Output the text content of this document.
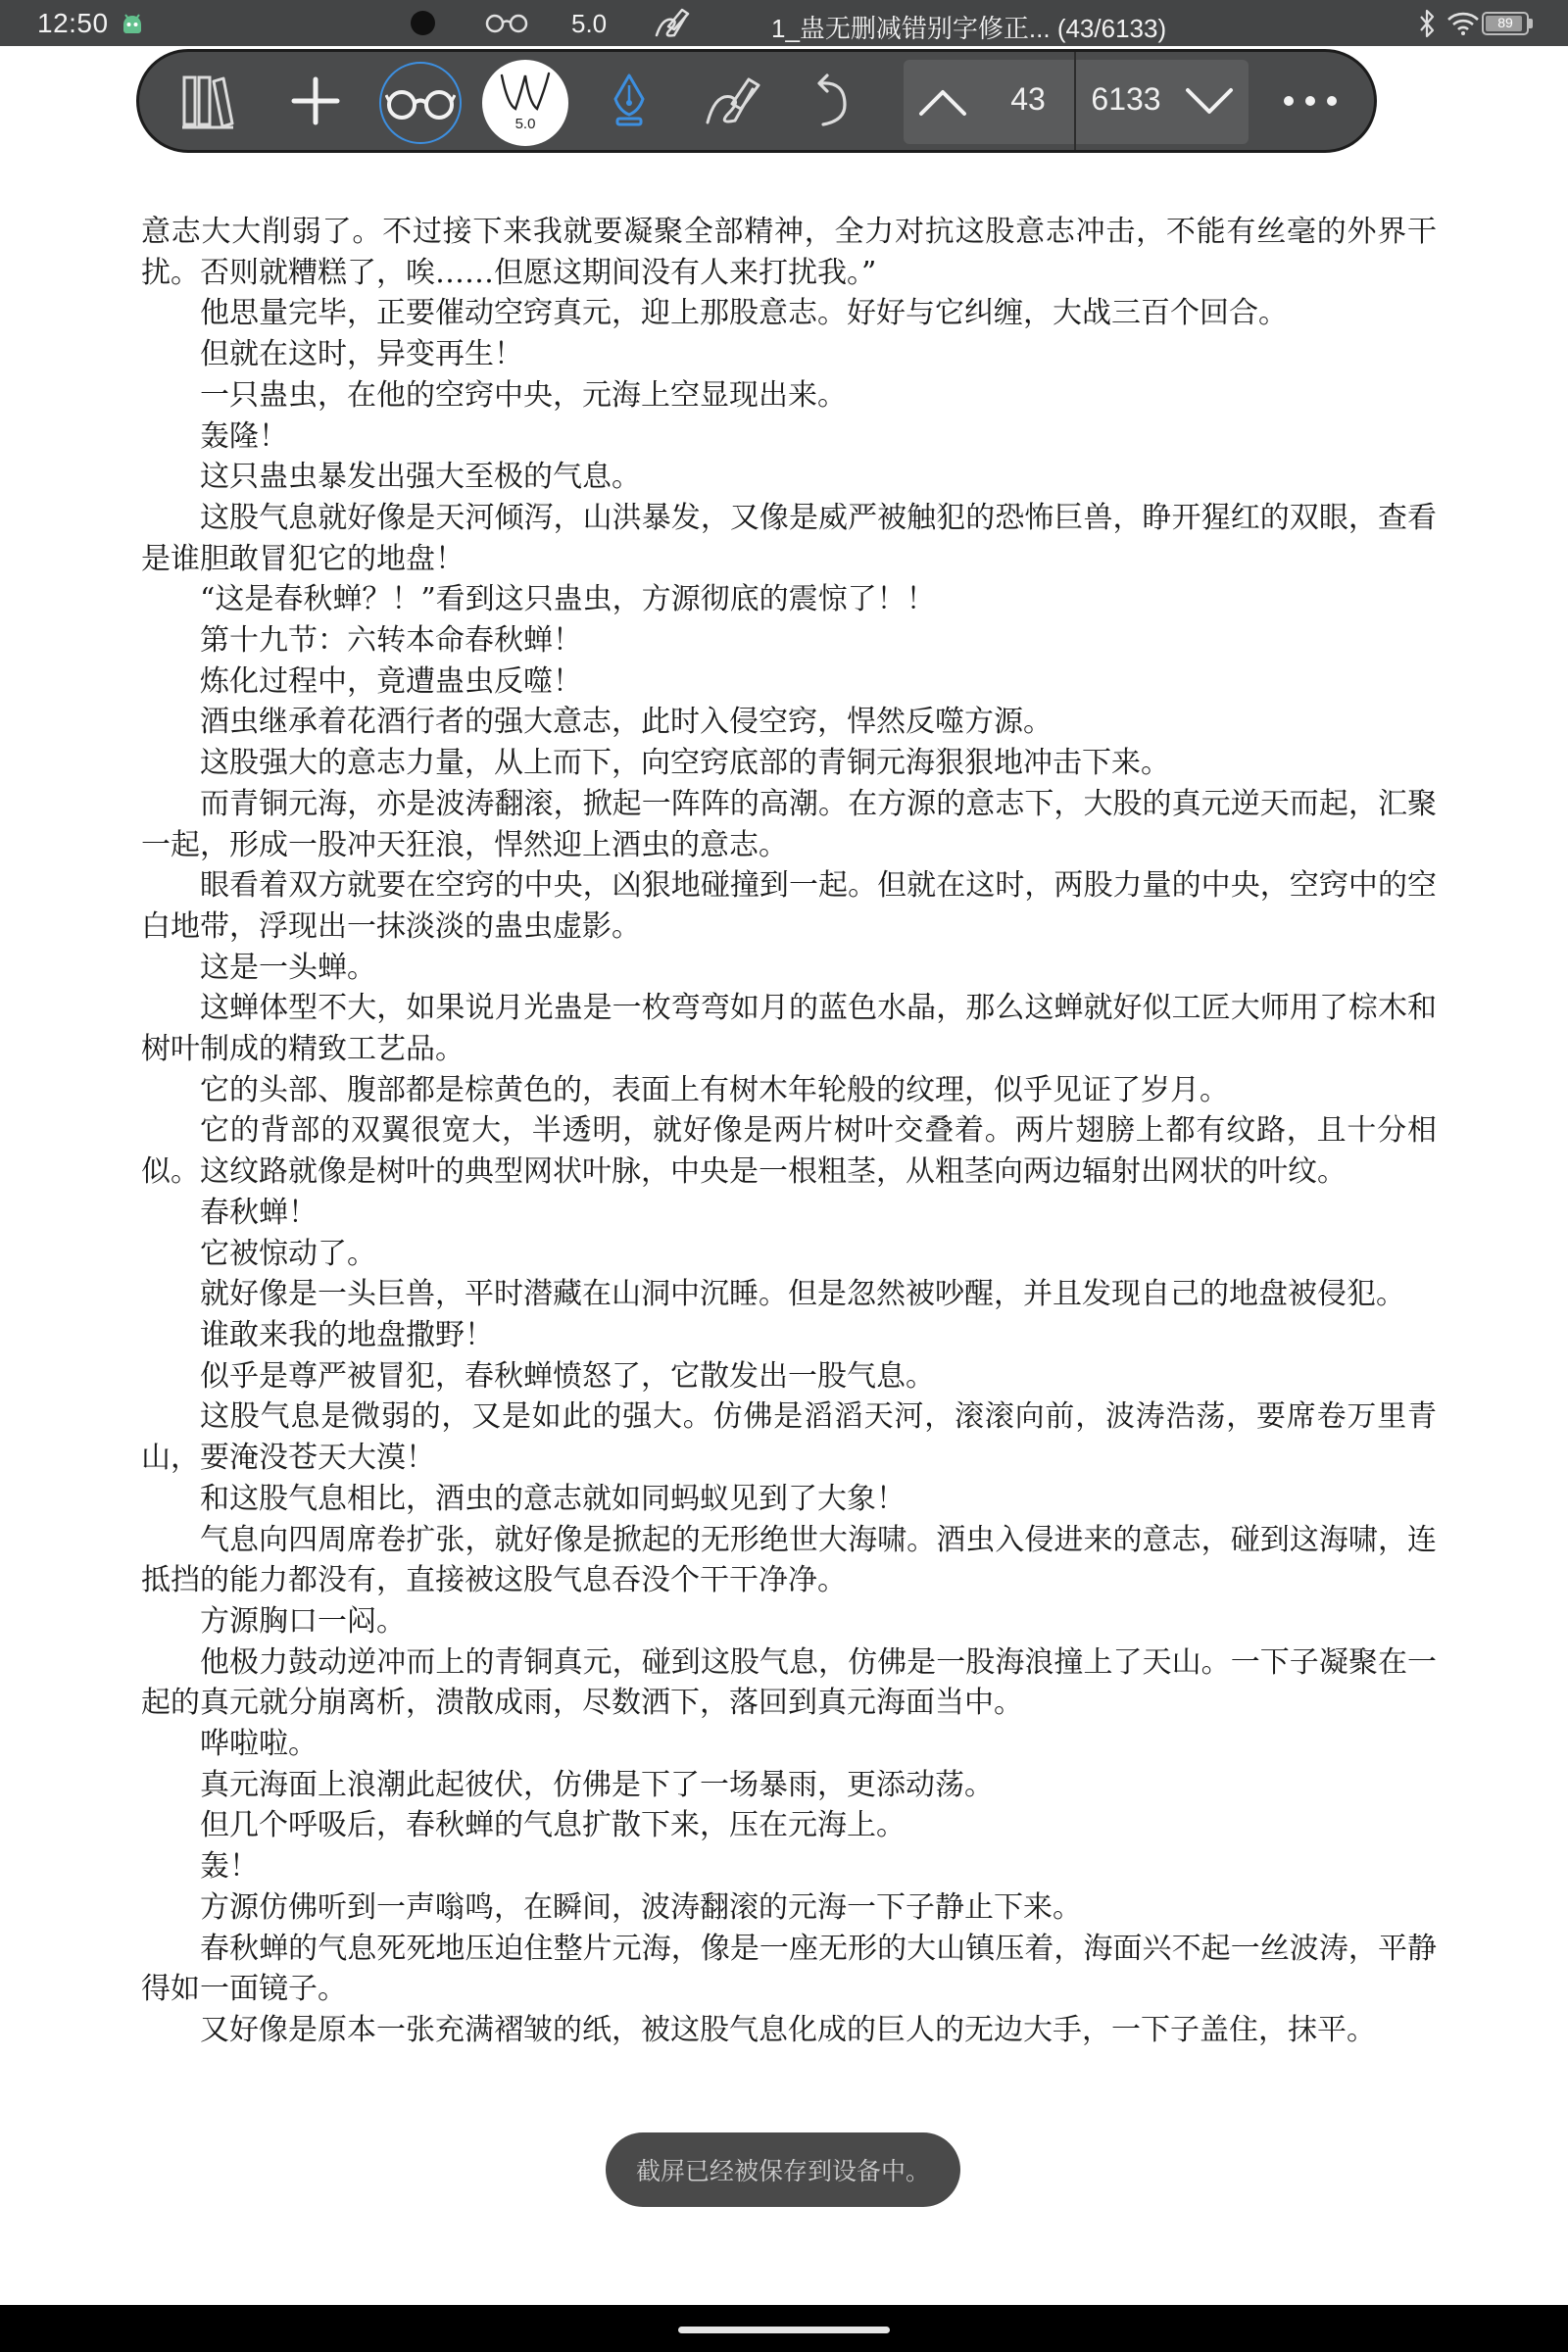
12:50	5.0	1_蛊无删减错别字修正... (43/6133)	89
5.0
43	6133

意志大大削弱了。不过接下来我就要凝聚全部精神，全力对抗这股意志冲击，不能有丝毫的外界干扰。否则就糟糕了，唉……但愿这期间没有人来打扰我。”

他思量完毕，正要催动空窍真元，迎上那股意志。好好与它纠缠，大战三百个回合。

但就在这时，异变再生！

一只蛊虫，在他的空窍中央，元海上空显现出来。

轰隆！

这只蛊虫暴发出强大至极的气息。

这股气息就好像是天河倾泻，山洪暴发，又像是威严被触犯的恐怖巨兽，睁开猩红的双眼，查看是谁胆敢冒犯它的地盘！

“这是春秋蝉？！”看到这只蛊虫，方源彻底的震惊了！！

第十九节：六转本命春秋蝉！

炼化过程中，竟遭蛊虫反噬！

酒虫继承着花酒行者的强大意志，此时入侵空窍，悍然反噬方源。

这股强大的意志力量，从上而下，向空窍底部的青铜元海狠狠地冲击下来。

而青铜元海，亦是波涛翻滚，掀起一阵阵的高潮。在方源的意志下，大股的真元逆天而起，汇聚一起，形成一股冲天狂浪，悍然迎上酒虫的意志。

眼看着双方就要在空窍的中央，凶狠地碰撞到一起。但就在这时，两股力量的中央，空窍中的空白地带，浮现出一抹淡淡的蛊虫虚影。

这是一头蝉。

这蝉体型不大，如果说月光蛊是一枚弯弯如月的蓝色水晶，那么这蝉就好似工匠大师用了棕木和树叶制成的精致工艺品。

它的头部、腹部都是棕黄色的，表面上有树木年轮般的纹理，似乎见证了岁月。

它的背部的双翼很宽大，半透明，就好像是两片树叶交叠着。两片翅膀上都有纹路，且十分相似。这纹路就像是树叶的典型网状叶脉，中央是一根粗茎，从粗茎向两边辐射出网状的叶纹。

春秋蝉！

它被惊动了。

就好像是一头巨兽，平时潜藏在山洞中沉睡。但是忽然被吵醒，并且发现自己的地盘被侵犯。

谁敢来我的地盘撒野！

似乎是尊严被冒犯，春秋蝉愤怒了，它散发出一股气息。

这股气息是微弱的，又是如此的强大。仿佛是滔滔天河，滚滚向前，波涛浩荡，要席卷万里青山，要淹没苍天大漠！

和这股气息相比，酒虫的意志就如同蚂蚁见到了大象！

气息向四周席卷扩张，就好像是掀起的无形绝世大海啸。酒虫入侵进来的意志，碰到这海啸，连抵挡的能力都没有，直接被这股气息吞没个干干净净。

方源胸口一闷。

他极力鼓动逆冲而上的青铜真元，碰到这股气息，仿佛是一股海浪撞上了天山。一下子凝聚在一起的真元就分崩离析，溃散成雨，尽数洒下，落回到真元海面当中。

哗啦啦。

真元海面上浪潮此起彼伏，仿佛是下了一场暴雨，更添动荡。

但几个呼吸后，春秋蝉的气息扩散下来，压在元海上。

轰！

方源仿佛听到一声嗡鸣，在瞬间，波涛翻滚的元海一下子静止下来。

春秋蝉的气息死死地压迫住整片元海，像是一座无形的大山镇压着，海面兴不起一丝波涛，平静得如一面镜子。

又好像是原本一张充满褶皱的纸，被这股气息化成的巨人的无边大手，一下子盖住，抹平。

截屏已经被保存到设备中。
